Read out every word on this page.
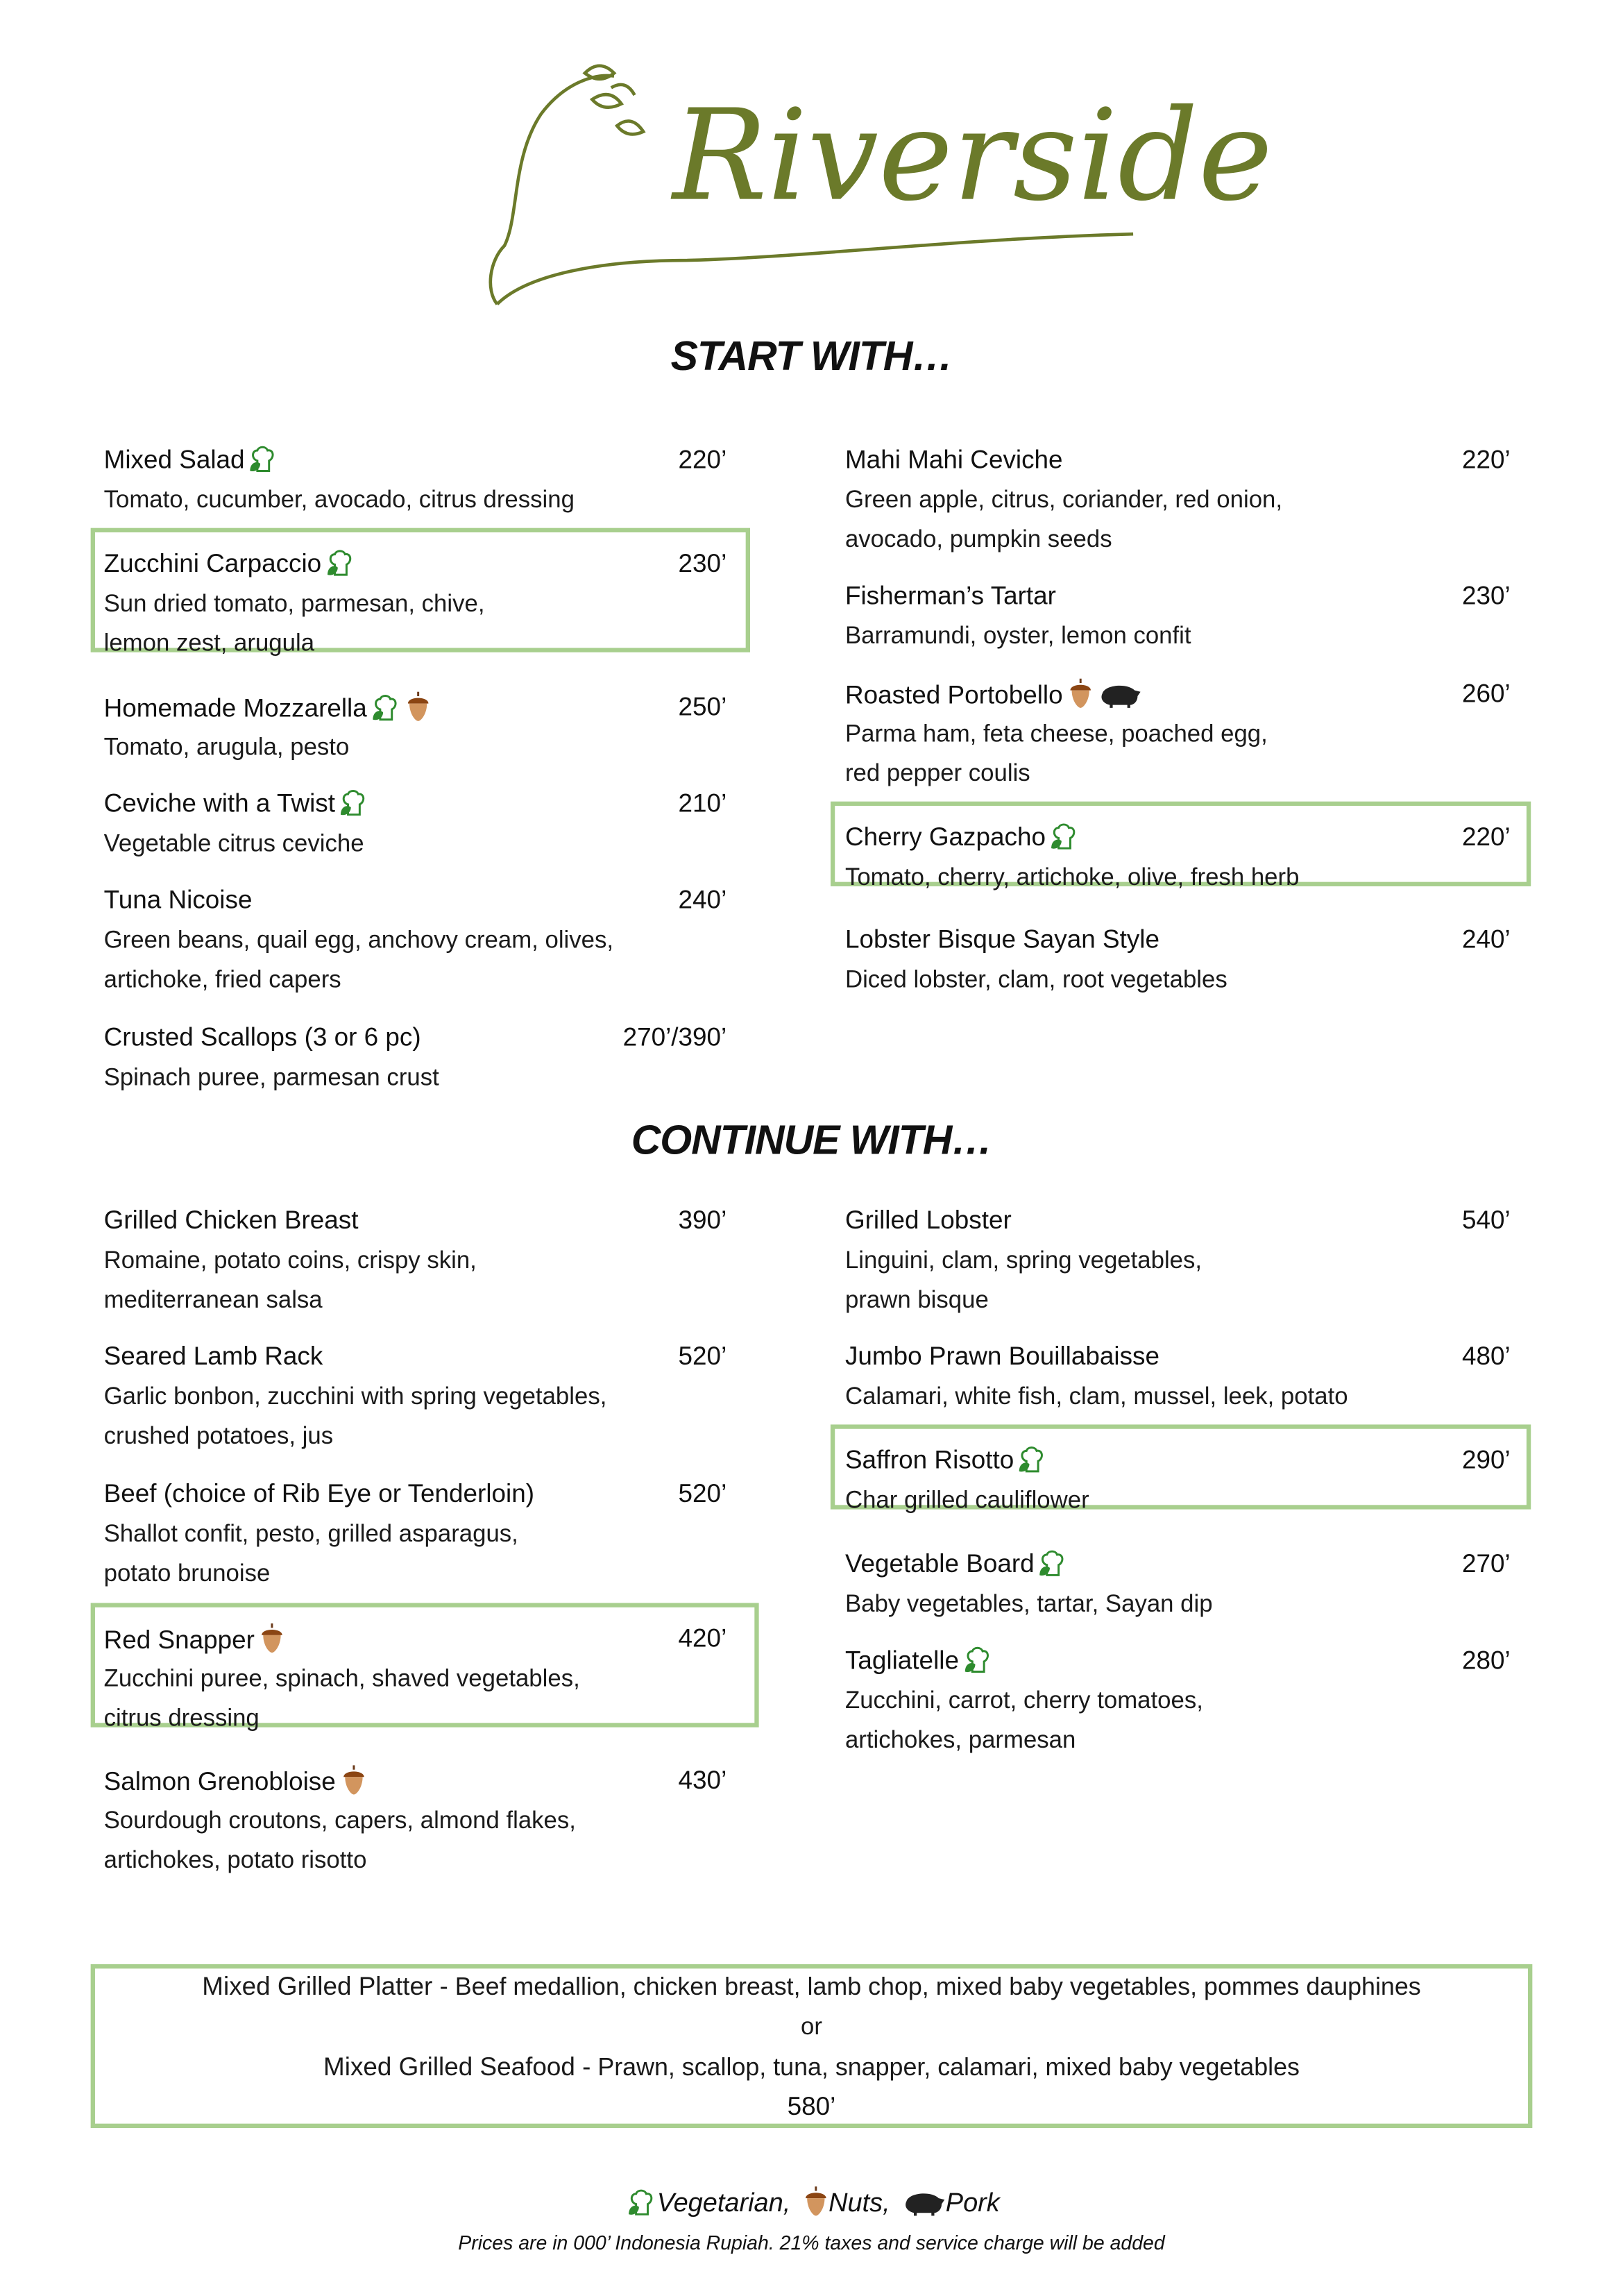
Riverside
START WITH…
CONTINUE WITH…
Mixed Salad	220’
Tomato, cucumber, avocado, citrus dressing
Zucchini Carpaccio	230’
Sun dried tomato, parmesan, chive,
lemon zest, arugula
Homemade Mozzarella	250’
Tomato, arugula, pesto
Ceviche with a Twist	210’
Vegetable citrus ceviche
Tuna Nicoise	240’
Green beans, quail egg, anchovy cream, olives,
artichoke, fried capers
Crusted Scallops (3 or 6 pc)	270’/390’
Spinach puree, parmesan crust
Mahi Mahi Ceviche	220’
Green apple, citrus, coriander, red onion,
avocado, pumpkin seeds
Fisherman’s Tartar	230’
Barramundi, oyster, lemon confit
Roasted Portobello	260’
Parma ham, feta cheese, poached egg,
red pepper coulis
Cherry Gazpacho	220’
Tomato, cherry, artichoke, olive, fresh herb
Lobster Bisque Sayan Style	240’
Diced lobster, clam, root vegetables
Grilled Chicken Breast	390’
Romaine, potato coins, crispy skin,
mediterranean salsa
Seared Lamb Rack	520’
Garlic bonbon, zucchini with spring vegetables,
crushed potatoes, jus
Beef (choice of Rib Eye or Tenderloin)	520’
Shallot confit, pesto, grilled asparagus,
potato brunoise
Red Snapper	420’
Zucchini puree, spinach, shaved vegetables,
citrus dressing
Salmon Grenobloise	430’
Sourdough croutons, capers, almond flakes,
artichokes, potato risotto
Grilled Lobster	540’
Linguini, clam, spring vegetables,
prawn bisque
Jumbo Prawn Bouillabaisse	480’
Calamari, white fish, clam, mussel, leek, potato
Saffron Risotto	290’
Char grilled cauliflower
Vegetable Board	270’
Baby vegetables, tartar, Sayan dip
Tagliatelle	280’
Zucchini, carrot, cherry tomatoes,
artichokes, parmesan
Mixed Grilled Platter - Beef medallion, chicken breast, lamb chop, mixed baby vegetables, pommes dauphines
or
Mixed Grilled Seafood - Prawn, scallop, tuna, snapper, calamari, mixed baby vegetables
580’
Vegetarian,	Nuts,	Pork
Prices are in 000’ Indonesia Rupiah. 21% taxes and service charge will be added
